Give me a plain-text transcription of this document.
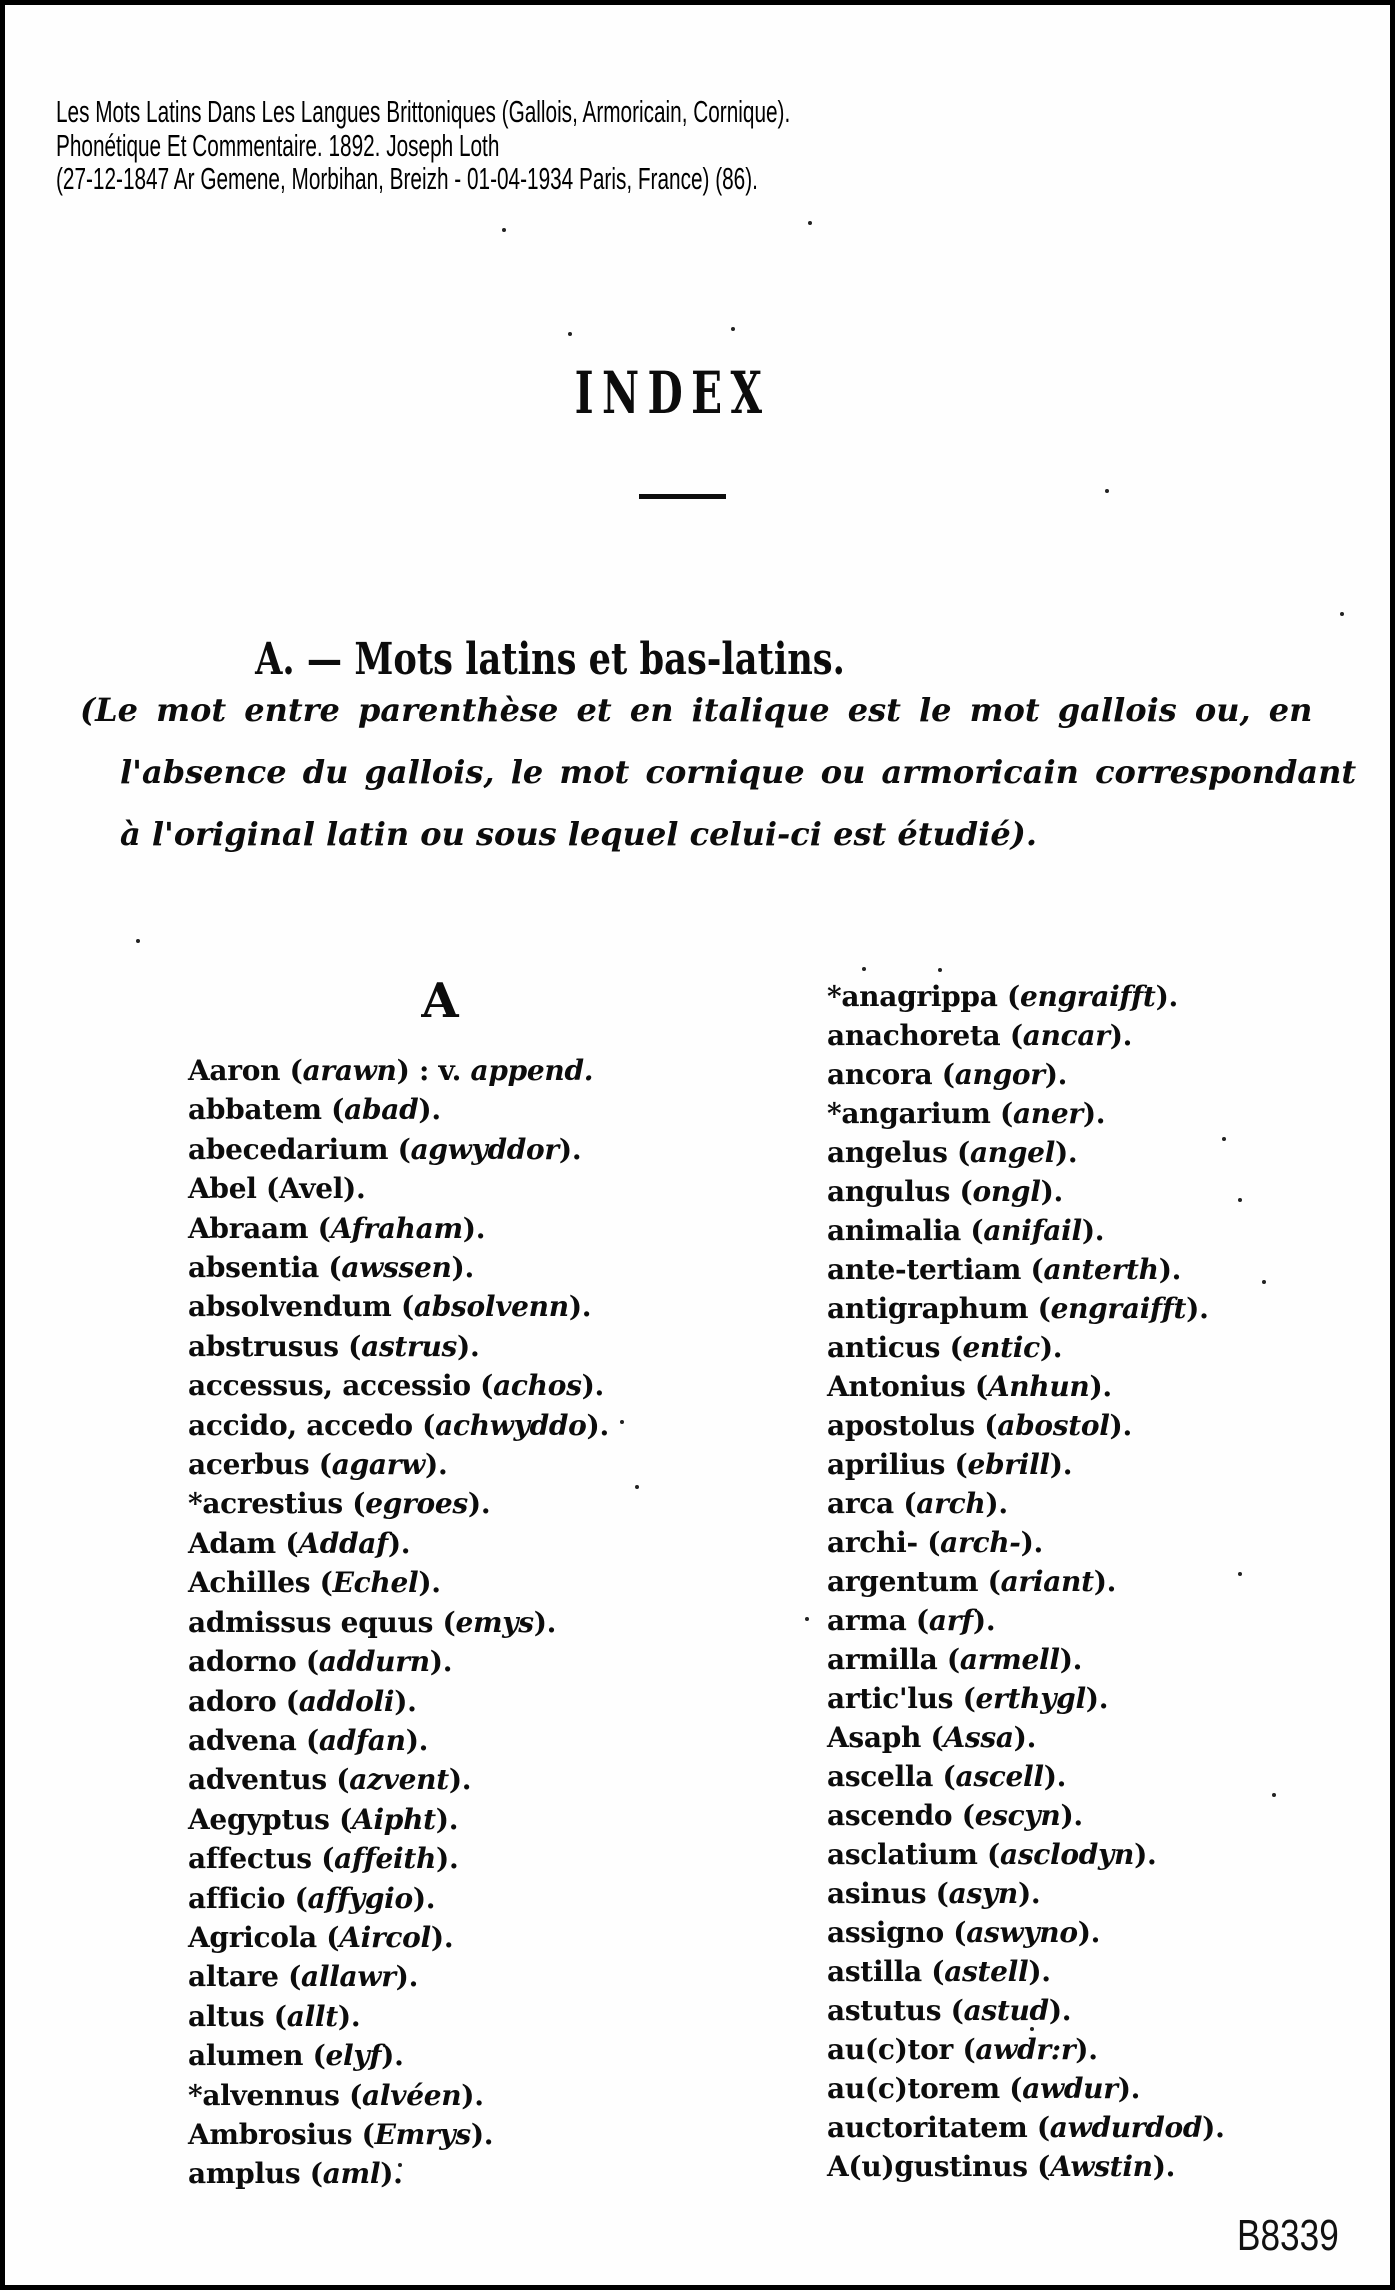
Les Mots Latins Dans Les Langues Brittoniques (Gallois, Armoricain, Cornique).
Phonétique Et Commentaire. 1892. Joseph Loth
(27-12-1847 Ar Gemene, Morbihan, Breizh - 01-04-1934 Paris, France) (86).
INDEX
A. — Mots latins et bas-latins.
(Le mot entre parenthèse et en italique est le mot gallois ou, en
l'absence du gallois, le mot cornique ou armoricain correspondant
à l'original latin ou sous lequel celui-ci est étudié).
A
Aaron (arawn) : v. append.
abbatem (abad).
abecedarium (agwyddor).
Abel (Avel).
Abraam (Afraham).
absentia (awssen).
absolvendum (absolvenn).
abstrusus (astrus).
accessus, accessio (achos).
accido, accedo (achwyddo).
acerbus (agarw).
*acrestius (egroes).
Adam (Addaf).
Achilles (Echel).
admissus equus (emys).
adorno (addurn).
adoro (addoli).
advena (adfan).
adventus (azvent).
Aegyptus (Aipht).
affectus (affeith).
afficio (affygio).
Agricola (Aircol).
altare (allawr).
altus (allt).
alumen (elyf).
*alvennus (alvéen).
Ambrosius (Emrys).
amplus (aml).
*anagrippa (engraifft).
anachoreta (ancar).
ancora (angor).
*angarium (aner).
angelus (angel).
angulus (ongl).
animalia (anifail).
ante-tertiam (anterth).
antigraphum (engraifft).
anticus (entic).
Antonius (Anhun).
apostolus (abostol).
aprilius (ebrill).
arca (arch).
archi- (arch-).
argentum (ariant).
arma (arf).
armilla (armell).
artic'lus (erthygl).
Asaph (Assa).
ascella (ascell).
ascendo (escyn).
asclatium (asclodyn).
asinus (asyn).
assigno (aswyno).
astilla (astell).
astutus (astud).
au(c)tor (awdr:r).
au(c)torem (awdur).
auctoritatem (awdurdod).
A(u)gustinus (Awstin).
B8339
